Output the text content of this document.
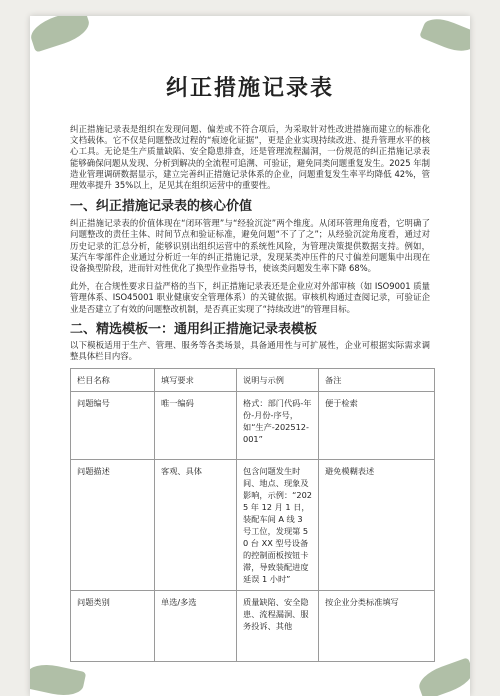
纠正措施记录表

纠正措施记录表是组织在发现问题、偏差或不符合项后，为采取针对性改进措施而建立的标准化文档载体。它不仅是问题整改过程的“痕迹化证据”，更是企业实现持续改进、提升管理水平的核心工具。无论是生产质量缺陷、安全隐患排查，还是管理流程漏洞，一份规范的纠正措施记录表能够确保问题从发现、分析到解决的全流程可追溯、可验证，避免同类问题重复发生。2025 年制造业管理调研数据显示，建立完善纠正措施记录体系的企业，问题重复发生率平均降低 42%，管理效率提升 35%以上，足见其在组织运营中的重要性。

一、纠正措施记录表的核心价值

纠正措施记录表的价值体现在“闭环管理”与“经验沉淀”两个维度。从闭环管理角度看，它明确了问题整改的责任主体、时间节点和验证标准，避免问题“不了了之”；从经验沉淀角度看，通过对历史记录的汇总分析，能够识别出组织运营中的系统性风险，为管理决策提供数据支持。例如，某汽车零部件企业通过分析近一年的纠正措施记录，发现某类冲压件的尺寸偏差问题集中出现在设备换型阶段，进而针对性优化了换型作业指导书，使该类问题发生率下降 68%。

此外，在合规性要求日益严格的当下，纠正措施记录表还是企业应对外部审核（如 ISO9001 质量管理体系、ISO45001 职业健康安全管理体系）的关键依据。审核机构通过查阅记录，可验证企业是否建立了有效的问题整改机制，是否真正实现了“持续改进”的管理目标。

二、精选模板一：通用纠正措施记录表模板

以下模板适用于生产、管理、服务等各类场景，具备通用性与可扩展性，企业可根据实际需求调整具体栏目内容。

栏目名称	填写要求	说明与示例	备注
问题编号	唯一编码	格式：部门代码-年份-月份-序号，如“生产-202512-001”	便于检索
问题描述	客观、具体	包含问题发生时间、地点、现象及影响，示例：“2025 年 12 月 1 日，装配车间 A 线 3 号工位，发现第 50 台 XX 型号设备的控制面板按钮卡滞，导致装配进度延误 1 小时”	避免模糊表述
问题类别	单选/多选	质量缺陷、安全隐患、流程漏洞、服务投诉、其他	按企业分类标准填写
